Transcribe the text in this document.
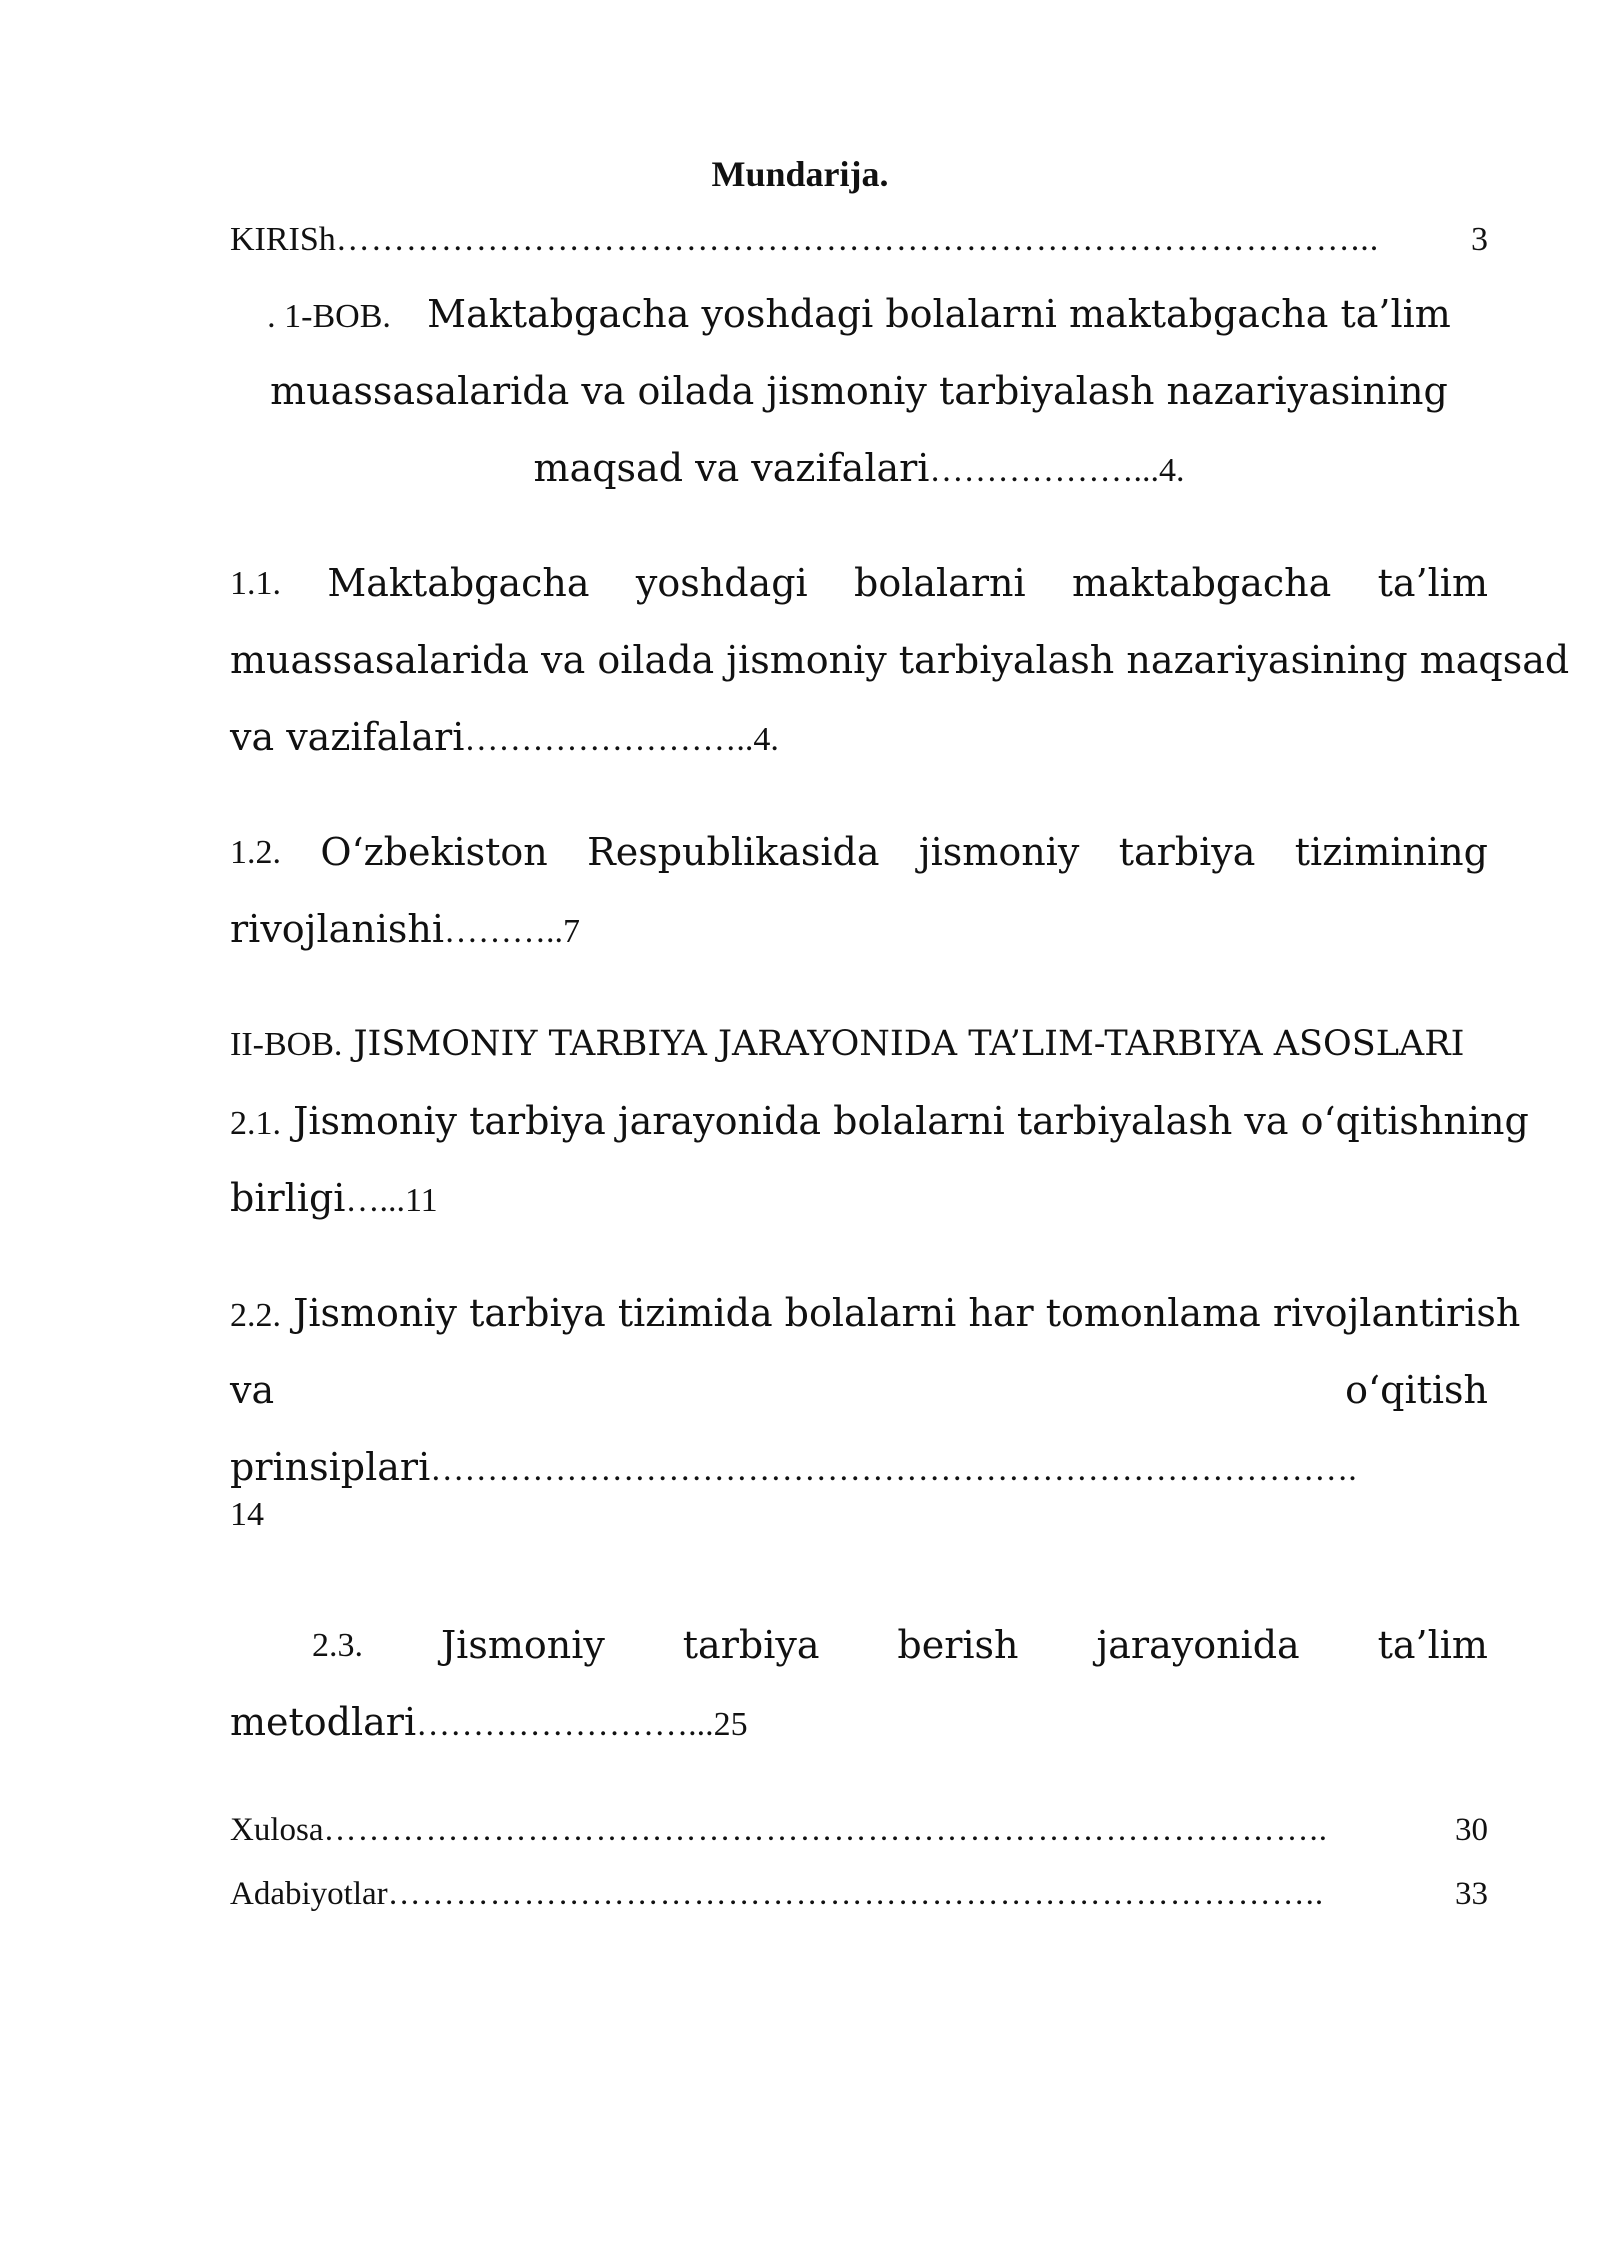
Mundarija.
KIRISh ……………………………………………………………………………...	3
. 1-BOB. Maktabgacha yoshdagi bolalarni maktabgacha ta’lim
muassasalarida va oilada jismoniy tarbiyalash nazariyasining
maqsad va vazifalari………………...4.
1.1. Maktabgacha yoshdagi bolalarni maktabgacha ta’lim
muassasalarida va oilada jismoniy tarbiyalash nazariyasining maqsad
va vazifalari……………………..4.
1.2. O‘zbekiston Respublikasida jismoniy tarbiya tizimining
rivojlanishi………..7
II-BOB. JISMONIY TARBIYA JARAYONIDA TA’LIM-TARBIYA ASOSLARI
2.1. Jismoniy tarbiya jarayonida bolalarni tarbiyalash va o‘qitishning
birligi…...11
2.2. Jismoniy tarbiya tizimida bolalarni har tomonlama rivojlantirish
va	o‘qitish
prinsiplari……………………………………………………………………….
14
2.3. Jismoniy tarbiya berish jarayonida ta’lim
metodlari……………………...25
Xulosa ……………………………………………………………………………..	30
Adabiyotlar ………………………………………………………………………..	33
